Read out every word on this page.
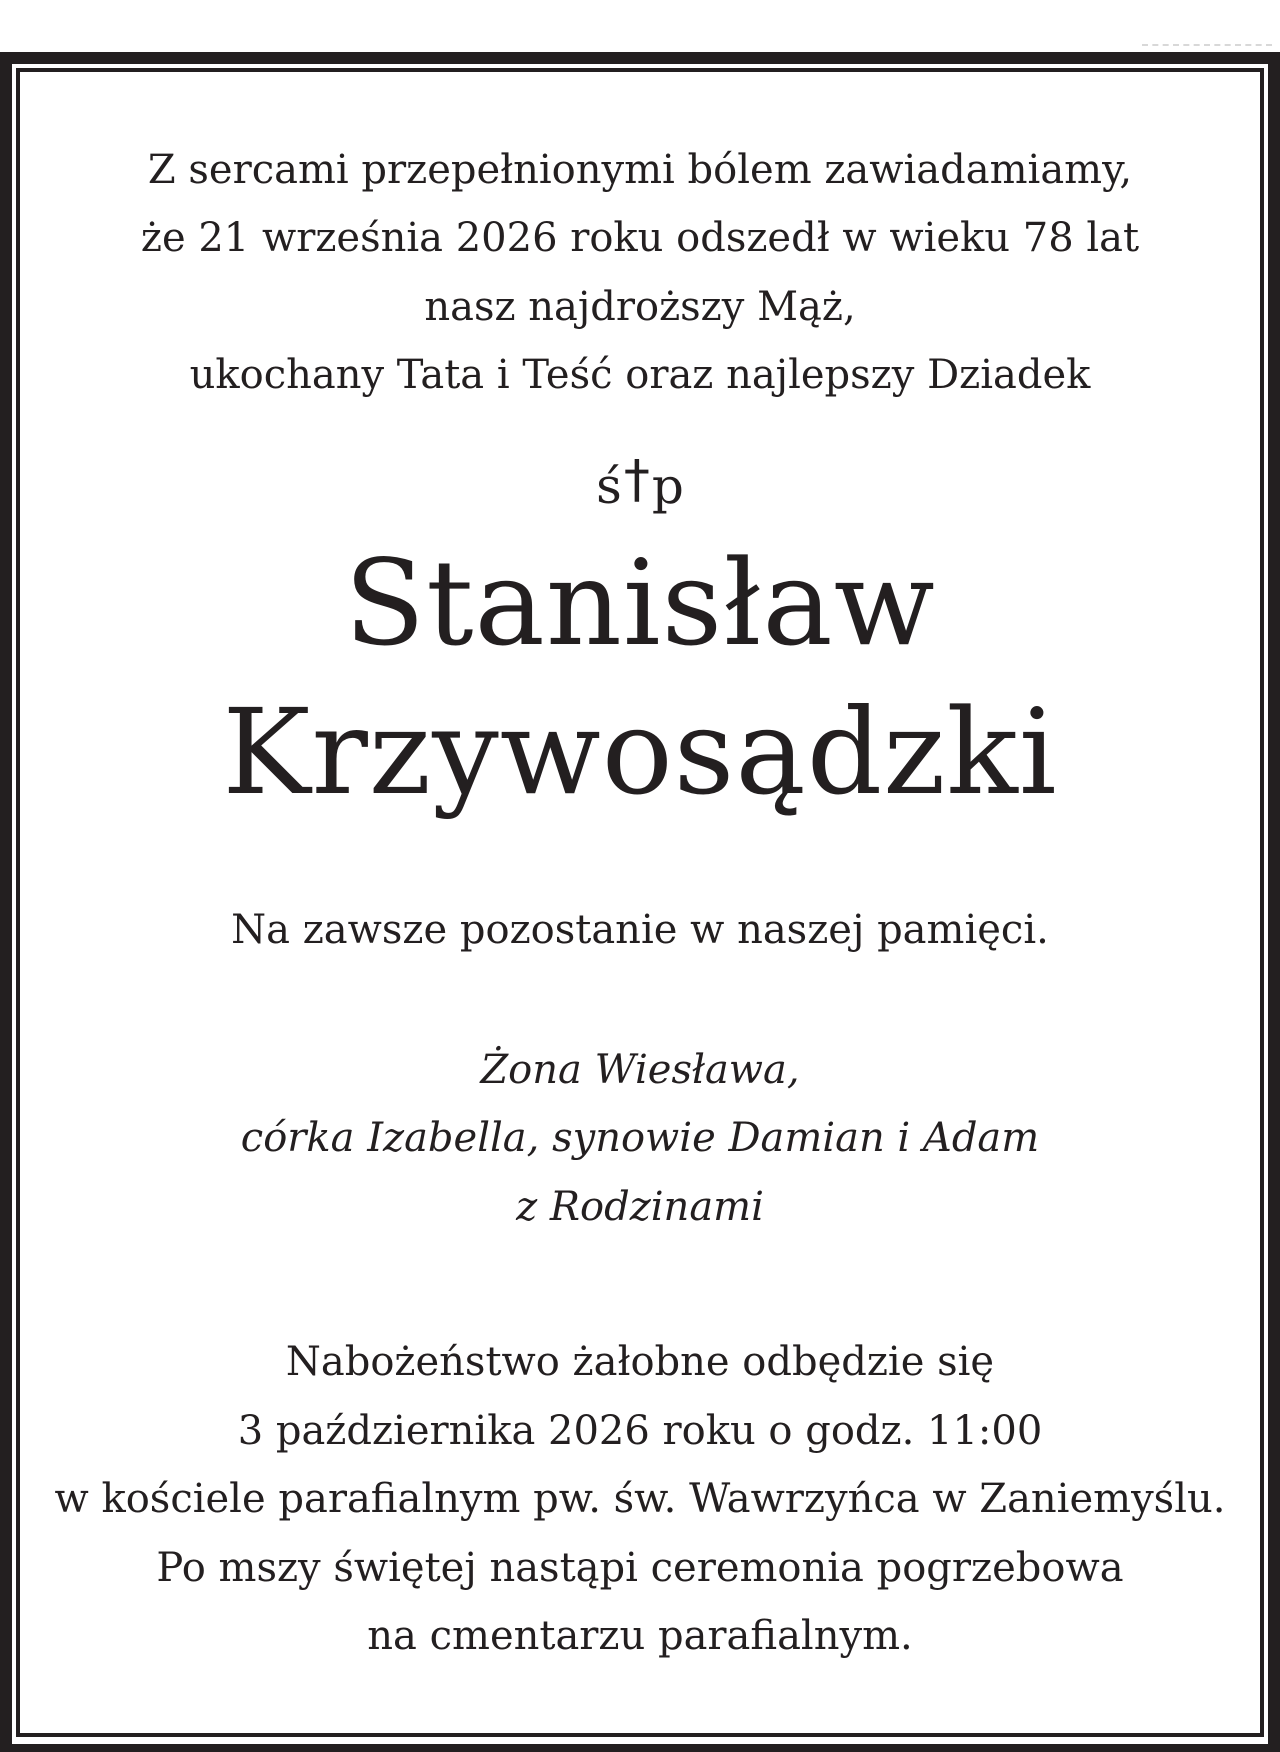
Z sercami przepełnionymi bólem zawiadamiamy,
że 21 września 2026 roku odszedł w wieku 78 lat
nasz najdroższy Mąż,
ukochany Tata i Teść oraz najlepszy Dziadek
ś†p
Stanisław
Krzywosądzki
Na zawsze pozostanie w naszej pamięci.
Żona Wiesława,
córka Izabella, synowie Damian i Adam
z Rodzinami
Nabożeństwo żałobne odbędzie się
3 października 2026 roku o godz. 11:00
w kościele parafialnym pw. św. Wawrzyńca w Zaniemyślu.
Po mszy świętej nastąpi ceremonia pogrzebowa
na cmentarzu parafialnym.
